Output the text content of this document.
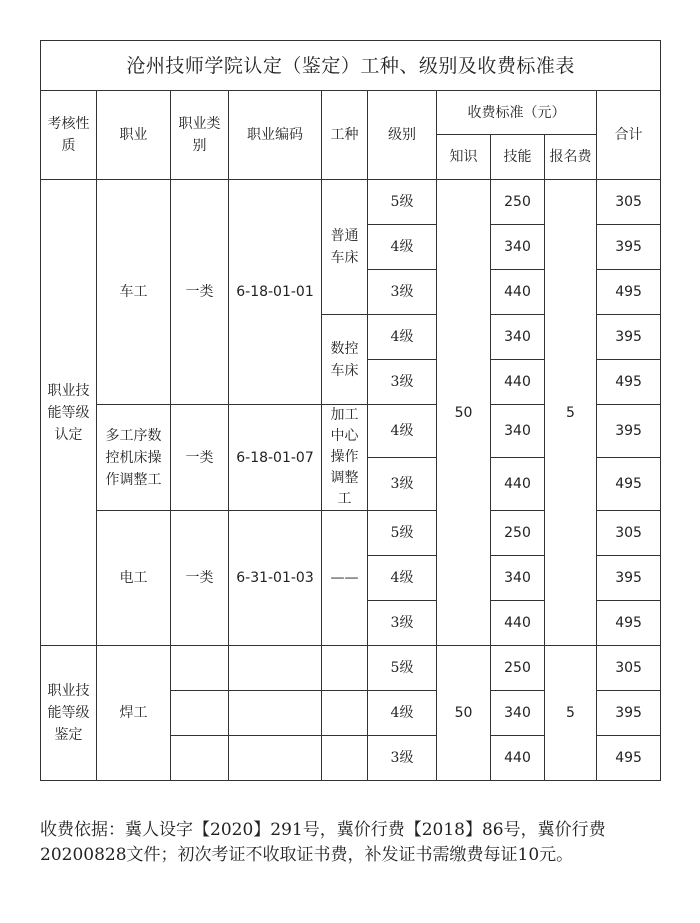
沧州技师学院认定（鉴定）工种、级别及收费标准表									
考核性质	职业	职业类别	职业编码	工种	级别	收费标准（元）			合计
						知识	技能	报名费	
职业技能等级认定	车工	一类	6-18-01-01	普通车床	5级	50	250	5	305
					4级		340		395
					3级		440		495
				数控车床	4级		340		395
					3级		440		495
	多工序数控机床操作调整工	一类	6-18-01-07	加工中心操作调整工	4级		340		395
					3级		440		495
	电工	一类	6-31-01-03	——	5级		250		305
					4级		340		395
					3级		440		495
职业技能等级鉴定	焊工				5级	50	250	5	305
					4级		340		395
					3级		440		495
收费依据：冀人设字【2020】291号，冀价行费【2018】86号，冀价行费20200828文件；初次考证不收取证书费，补发证书需缴费每证10元。
